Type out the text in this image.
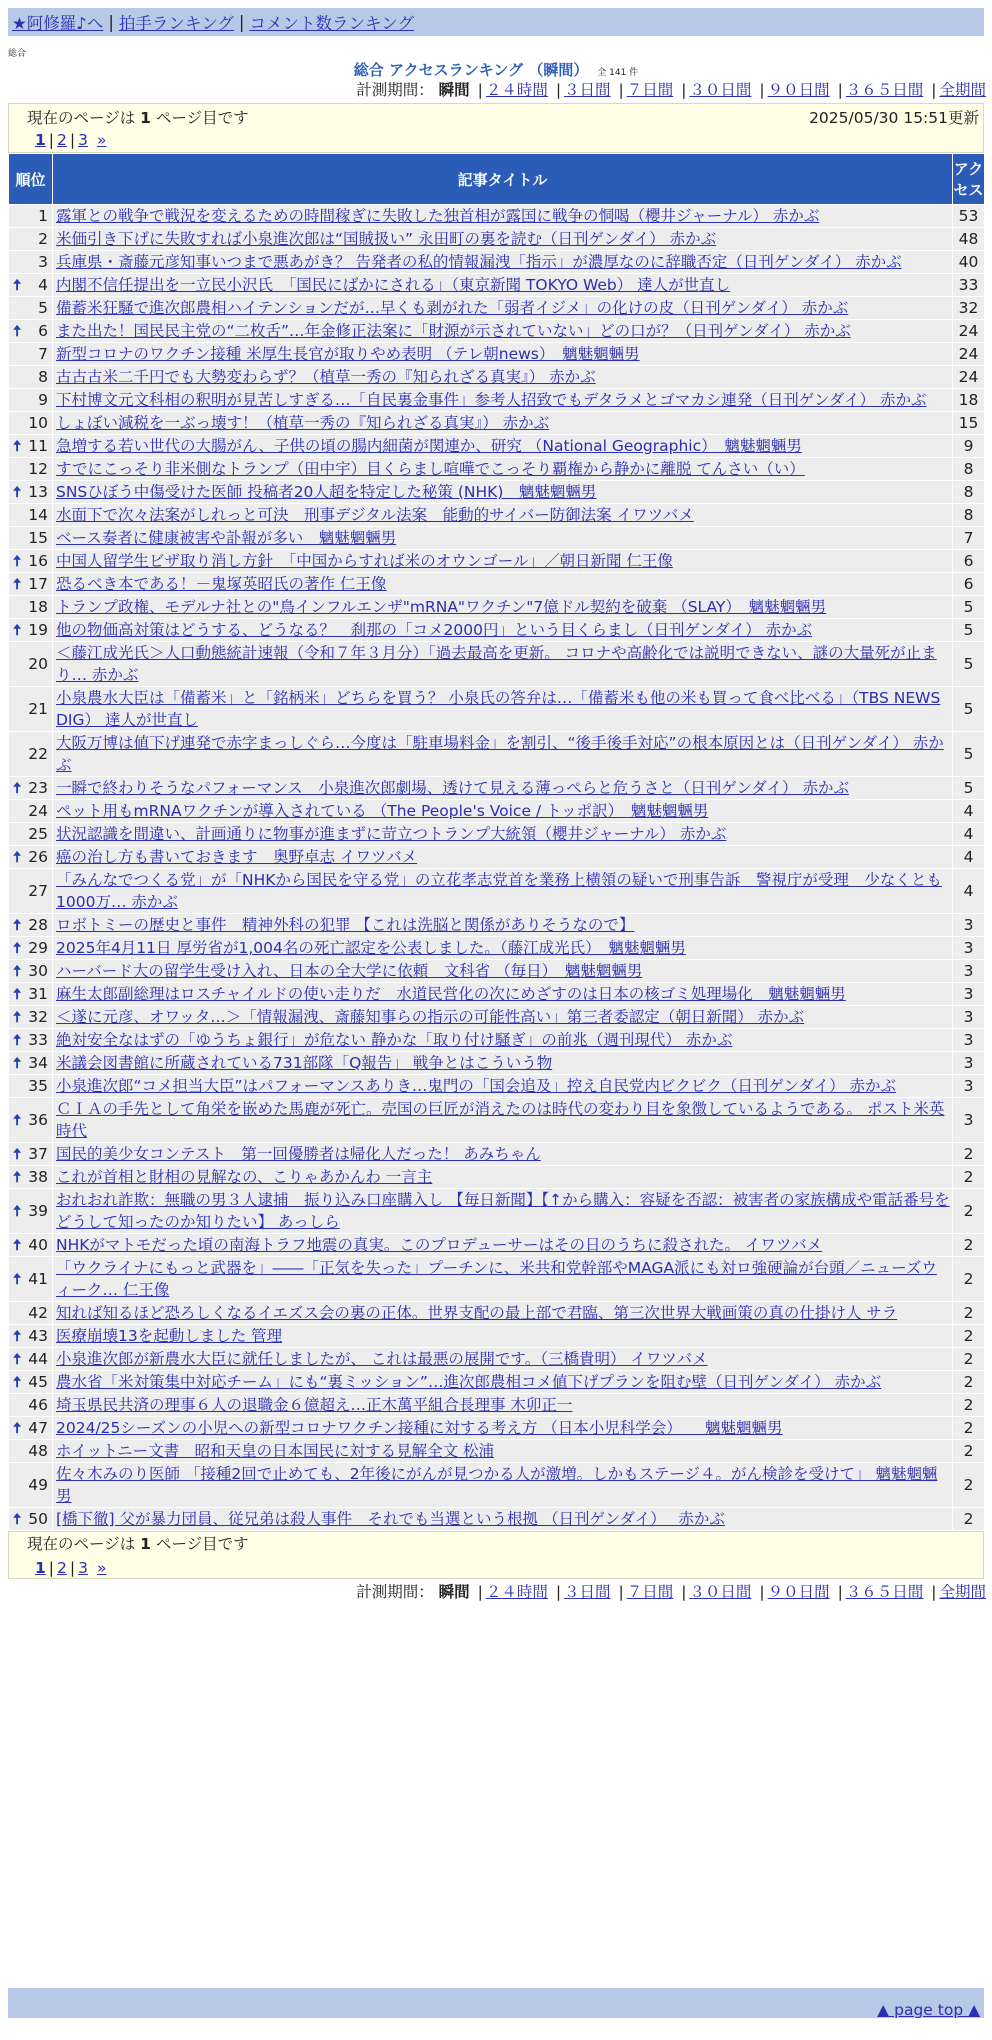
★阿修羅♪へ | 拍手ランキング | コメント数ランキング
総合
総合 アクセスランキング （瞬間） 全 141 件
計測期間： 瞬間 | ２４時間 | ３日間 | ７日間 | ３０日間 | ９０日間 | ３６５日間 | 全期間
現在のページは 1 ページ目です	2025/05/30 15:51更新
1 | 2 | 3 »
順位	記事タイトル	アクセス
1	露軍との戦争で戦況を変えるための時間稼ぎに失敗した独首相が露国に戦争の恫喝（櫻井ジャーナル） 赤かぶ	53
2	米価引き下げに失敗すれば小泉進次郎は“国賊扱い” 永田町の裏を読む（日刊ゲンダイ） 赤かぶ	48
3	兵庫県・斎藤元彦知事いつまで悪あがき？ 告発者の私的情報漏洩「指示」が濃厚なのに辞職否定（日刊ゲンダイ） 赤かぶ	40

🠅 4	内閣不信任提出を一立民小沢氏　「国民にばかにされる」（東京新聞 TOKYO Web） 達人が世直し	33
5	備蓄米狂騒で進次郎農相ハイテンションだが…早くも剥がれた「弱者イジメ」の化けの皮（日刊ゲンダイ） 赤かぶ	32

🠅 6	また出た！国民民主党の“二枚舌”…年金修正法案に「財源が示されていない」どの口が？（日刊ゲンダイ） 赤かぶ	24
7	新型コロナのワクチン接種 米厚生長官が取りやめ表明 （テレ朝news）　魑魅魍魎男	24
8	古古古米二千円でも大勢変わらず？（植草一秀の『知られざる真実』） 赤かぶ	24
9	下村博文元文科相の釈明が見苦しすぎる…「自民裏金事件」参考人招致でもデタラメとゴマカシ連発（日刊ゲンダイ） 赤かぶ	18
10	しょぼい減税を一ぶっ壊す！（植草一秀の『知られざる真実』） 赤かぶ	15

🠅 11	急増する若い世代の大腸がん、子供の頃の腸内細菌が関連か、研究 （National Geographic）　魑魅魍魎男	9
12	すでにこっそり非米側なトランプ（田中宇）目くらまし喧嘩でこっそり覇権から静かに離脱 てんさい（い）	8

🠅 13	SNSひぼう中傷受けた医師 投稿者20人超を特定した秘策 (NHK)　魑魅魍魎男	8
14	水面下で次々法案がしれっと可決　刑事デジタル法案　能動的サイバー防御法案 イワツバメ	8
15	ベース奏者に健康被害や訃報が多い　魑魅魍魎男	7

🠅 16	中国人留学生ビザ取り消し方針　「中国からすれば米のオウンゴール」／朝日新聞 仁王像	6

🠅 17	恐るべき本である！－鬼塚英昭氏の著作 仁王像	6
18	トランプ政権、モデルナ社との"鳥インフルエンザ"mRNA"ワクチン"7億ドル契約を破棄 （SLAY）　魑魅魍魎男	5

🠅 19	他の物価高対策はどうする、どうなる？　刹那の「コメ2000円」という目くらまし（日刊ゲンダイ） 赤かぶ	5
20	＜藤江成光氏＞人口動態統計速報（令和７年３月分）「過去最高を更新。 コロナや高齢化では説明できない、謎の大量死が止まり… 赤かぶ	5
21	小泉農水大臣は「備蓄米」と「銘柄米」どちらを買う？ 小泉氏の答弁は…「備蓄米も他の米も買って食べ比べる」（TBS NEWS DIG） 達人が世直し	5
22	大阪万博は値下げ連発で赤字まっしぐら…今度は「駐車場料金」を割引、“後手後手対応”の根本原因とは（日刊ゲンダイ） 赤かぶ	5

🠅 23	一瞬で終わりそうなパフォーマンス　小泉進次郎劇場、透けて見える薄っぺらと危うさと（日刊ゲンダイ） 赤かぶ	5
24	ペット用もmRNAワクチンが導入されている （The People's Voice / トッポ訳）　魑魅魍魎男	4
25	状況認識を間違い、計画通りに物事が進まずに苛立つトランプ大統領（櫻井ジャーナル） 赤かぶ	4

🠅 26	癌の治し方も書いておきます　奥野卓志 イワツバメ	4
27	「みんなでつくる党」が「NHKから国民を守る党」の立花孝志党首を業務上横領の疑いで刑事告訴　警視庁が受理　少なくとも1000万… 赤かぶ	4

🠅 28	ロボトミーの歴史と事件　精神外科の犯罪 【これは洗脳と関係がありそうなので】	3

🠅 29	2025年4月11日 厚労省が1,004名の死亡認定を公表しました。（藤江成光氏）　魑魅魍魎男	3

🠅 30	ハーバード大の留学生受け入れ、日本の全大学に依頼　文科省 （毎日）　魑魅魍魎男	3

🠅 31	麻生太郎副総理はロスチャイルドの使い走りだ　水道民営化の次にめざすのは日本の核ゴミ処理場化　魑魅魍魎男	3

🠅 32	＜遂に元彦、オワッタ…＞「情報漏洩、斎藤知事らの指示の可能性高い」第三者委認定（朝日新聞） 赤かぶ	3

🠅 33	絶対安全なはずの「ゆうちょ銀行」が危ない 静かな「取り付け騒ぎ」の前兆（週刊現代） 赤かぶ	3

🠅 34	米議会図書館に所蔵されている731部隊「Q報告」 戦争とはこういう物	3
35	小泉進次郎“コメ担当大臣”はパフォーマンスありき…鬼門の「国会追及」控え自民党内ビクビク（日刊ゲンダイ） 赤かぶ	3

🠅 36	ＣＩＡの手先として角栄を嵌めた馬鹿が死亡。売国の巨匠が消えたのは時代の変わり目を象徴しているようである。 ポスト米英時代	3

🠅 37	国民的美少女コンテスト　第一回優勝者は帰化人だった！ あみちゃん	2

🠅 38	これが首相と財相の見解なの、こりゃあかんわ 一言主	2

🠅 39	おれおれ詐欺：無職の男３人逮捕　振り込み口座購入し 【毎日新聞】【↑から購入：容疑を否認：被害者の家族構成や電話番号をどうして知ったのか知りたい】 あっしら	2

🠅 40	NHKがマトモだった頃の南海トラフ地震の真実。このプロデューサーはその日のうちに殺された。 イワツバメ	2

🠅 41	「ウクライナにもっと武器を」――「正気を失った」プーチンに、米共和党幹部やMAGA派にも対ロ強硬論が台頭／ニューズウィーク… 仁王像	2
42	知れば知るほど恐ろしくなるイエズス会の裏の正体。世界支配の最上部で君臨、第三次世界大戦画策の真の仕掛け人 サラ	2

🠅 43	医療崩壊13を起動しました 管理	2

🠅 44	小泉進次郎が新農水大臣に就任しましたが、 これは最悪の展開です。（三橋貴明） イワツバメ	2

🠅 45	農水省「米対策集中対応チーム」にも“裏ミッション”…進次郎農相コメ値下げプランを阻む壁（日刊ゲンダイ） 赤かぶ	2
46	埼玉県民共済の理事６人の退職金６億超え…正木萬平組合長理事 木卯正一	2

🠅 47	2024/25シーズンの小児への新型コロナワクチン接種に対する考え方 （日本小児科学会）　　魑魅魍魎男	2
48	ホイットニー文書　昭和天皇の日本国民に対する見解全文 松浦	2
49	佐々木みのり医師 「接種2回で止めても、2年後にがんが見つかる人が激増。しかもステージ４。がん検診を受けて」 魑魅魍魎男	2

🠅 50	[橋下徹] 父が暴力団員、従兄弟は殺人事件　それでも当選という根拠 （日刊ゲンダイ）　 赤かぶ	2
現在のページは 1 ページ目です
1 | 2 | 3 »
計測期間： 瞬間 | ２４時間 | ３日間 | ７日間 | ３０日間 | ９０日間 | ３６５日間 | 全期間
▲ page top ▲
